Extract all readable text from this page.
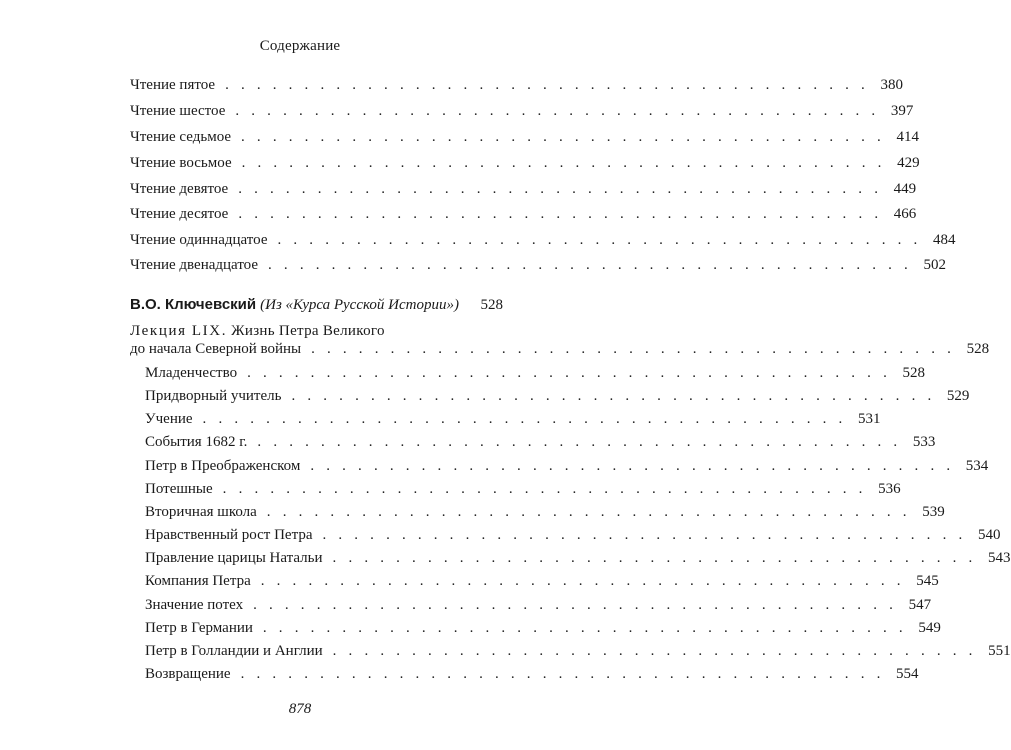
Содержание
Чтение пятое . . . . . . . . . . . . . . . . . . . . . . . . . . . . . . . . . . . . . . . . . 380
Чтение шестое . . . . . . . . . . . . . . . . . . . . . . . . . . . . . . . . . . . . . . . . . 397
Чтение седьмое . . . . . . . . . . . . . . . . . . . . . . . . . . . . . . . . . . . . . . . . . 414
Чтение восьмое . . . . . . . . . . . . . . . . . . . . . . . . . . . . . . . . . . . . . . . . . 429
Чтение девятое . . . . . . . . . . . . . . . . . . . . . . . . . . . . . . . . . . . . . . . . . 449
Чтение десятое . . . . . . . . . . . . . . . . . . . . . . . . . . . . . . . . . . . . . . . . . 466
Чтение одиннадцатое . . . . . . . . . . . . . . . . . . . . . . . . . . . . . . . . . . . . . . . . . 484
Чтение двенадцатое . . . . . . . . . . . . . . . . . . . . . . . . . . . . . . . . . . . . . . . . . 502
В.О. Ключевский (Из «Курса Русской Истории»)	528
Лекция LIX. Жизнь Петра Великого
до начала Северной войны . . . . . . . . . . . . . . . . . . . . . . . . . . . . . . . . . . . . . . . . . 528
Младенчество . . . . . . . . . . . . . . . . . . . . . . . . . . . . . . . . . . . . . . . . . 528
Придворный учитель . . . . . . . . . . . . . . . . . . . . . . . . . . . . . . . . . . . . . . . . . 529
Учение . . . . . . . . . . . . . . . . . . . . . . . . . . . . . . . . . . . . . . . . . 531
События 1682 г. . . . . . . . . . . . . . . . . . . . . . . . . . . . . . . . . . . . . . . . . . 533
Петр в Преображенском . . . . . . . . . . . . . . . . . . . . . . . . . . . . . . . . . . . . . . . . . 534
Потешные . . . . . . . . . . . . . . . . . . . . . . . . . . . . . . . . . . . . . . . . . 536
Вторичная школа . . . . . . . . . . . . . . . . . . . . . . . . . . . . . . . . . . . . . . . . . 539
Нравственный рост Петра . . . . . . . . . . . . . . . . . . . . . . . . . . . . . . . . . . . . . . . . . 540
Правление царицы Натальи . . . . . . . . . . . . . . . . . . . . . . . . . . . . . . . . . . . . . . . . . 543
Компания Петра . . . . . . . . . . . . . . . . . . . . . . . . . . . . . . . . . . . . . . . . . 545
Значение потех . . . . . . . . . . . . . . . . . . . . . . . . . . . . . . . . . . . . . . . . . 547
Петр в Германии . . . . . . . . . . . . . . . . . . . . . . . . . . . . . . . . . . . . . . . . . 549
Петр в Голландии и Англии . . . . . . . . . . . . . . . . . . . . . . . . . . . . . . . . . . . . . . . . . 551
Возвращение . . . . . . . . . . . . . . . . . . . . . . . . . . . . . . . . . . . . . . . . . 554
878
